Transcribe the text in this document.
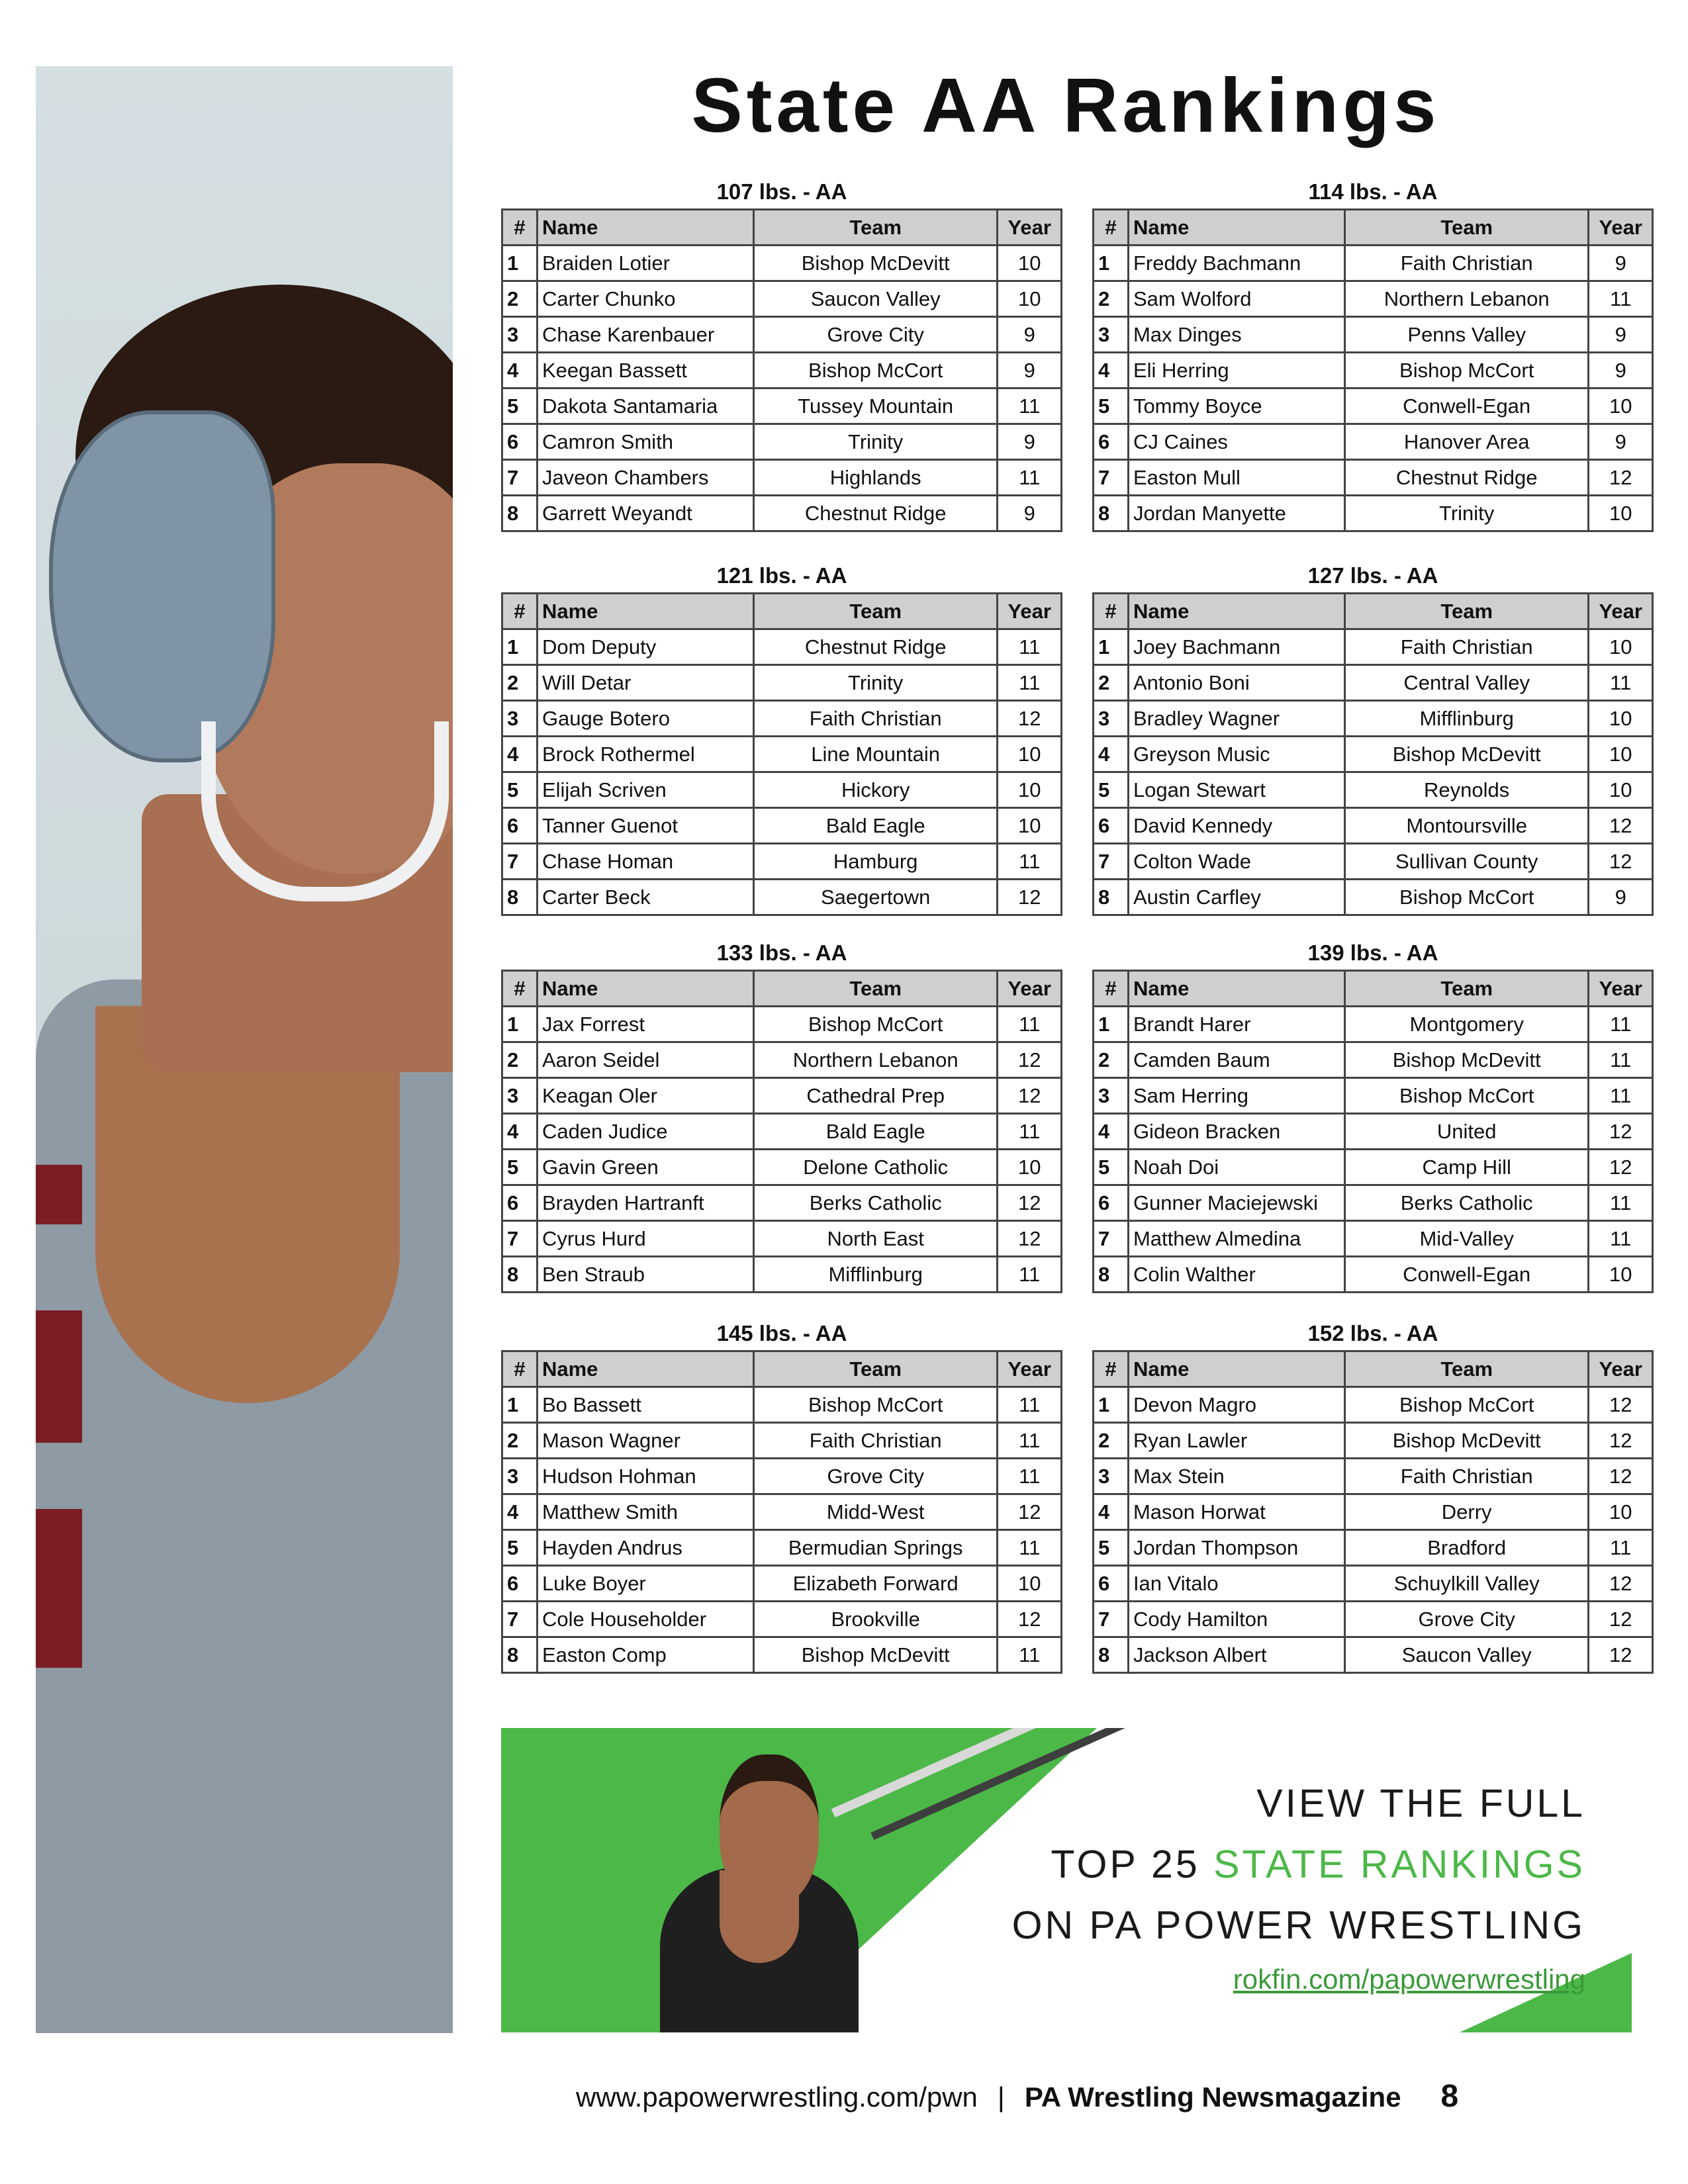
State AA Rankings
107 lbs. - AA
#	Name	Team	Year
1	Braiden Lotier	Bishop McDevitt	10
2	Carter Chunko	Saucon Valley	10
3	Chase Karenbauer	Grove City	9
4	Keegan Bassett	Bishop McCort	9
5	Dakota Santamaria	Tussey Mountain	11
6	Camron Smith	Trinity	9
7	Javeon Chambers	Highlands	11
8	Garrett Weyandt	Chestnut Ridge	9
114 lbs. - AA
#	Name	Team	Year
1	Freddy Bachmann	Faith Christian	9
2	Sam Wolford	Northern Lebanon	11
3	Max Dinges	Penns Valley	9
4	Eli Herring	Bishop McCort	9
5	Tommy Boyce	Conwell-Egan	10
6	CJ Caines	Hanover Area	9
7	Easton Mull	Chestnut Ridge	12
8	Jordan Manyette	Trinity	10
121 lbs. - AA
#	Name	Team	Year
1	Dom Deputy	Chestnut Ridge	11
2	Will Detar	Trinity	11
3	Gauge Botero	Faith Christian	12
4	Brock Rothermel	Line Mountain	10
5	Elijah Scriven	Hickory	10
6	Tanner Guenot	Bald Eagle	10
7	Chase Homan	Hamburg	11
8	Carter Beck	Saegertown	12
127 lbs. - AA
#	Name	Team	Year
1	Joey Bachmann	Faith Christian	10
2	Antonio Boni	Central Valley	11
3	Bradley Wagner	Mifflinburg	10
4	Greyson Music	Bishop McDevitt	10
5	Logan Stewart	Reynolds	10
6	David Kennedy	Montoursville	12
7	Colton Wade	Sullivan County	12
8	Austin Carfley	Bishop McCort	9
133 lbs. - AA
#	Name	Team	Year
1	Jax Forrest	Bishop McCort	11
2	Aaron Seidel	Northern Lebanon	12
3	Keagan Oler	Cathedral Prep	12
4	Caden Judice	Bald Eagle	11
5	Gavin Green	Delone Catholic	10
6	Brayden Hartranft	Berks Catholic	12
7	Cyrus Hurd	North East	12
8	Ben Straub	Mifflinburg	11
139 lbs. - AA
#	Name	Team	Year
1	Brandt Harer	Montgomery	11
2	Camden Baum	Bishop McDevitt	11
3	Sam Herring	Bishop McCort	11
4	Gideon Bracken	United	12
5	Noah Doi	Camp Hill	12
6	Gunner Maciejewski	Berks Catholic	11
7	Matthew Almedina	Mid-Valley	11
8	Colin Walther	Conwell-Egan	10
145 lbs. - AA
#	Name	Team	Year
1	Bo Bassett	Bishop McCort	11
2	Mason Wagner	Faith Christian	11
3	Hudson Hohman	Grove City	11
4	Matthew Smith	Midd-West	12
5	Hayden Andrus	Bermudian Springs	11
6	Luke Boyer	Elizabeth Forward	10
7	Cole Householder	Brookville	12
8	Easton Comp	Bishop McDevitt	11
152 lbs. - AA
#	Name	Team	Year
1	Devon Magro	Bishop McCort	12
2	Ryan Lawler	Bishop McDevitt	12
3	Max Stein	Faith Christian	12
4	Mason Horwat	Derry	10
5	Jordan Thompson	Bradford	11
6	Ian Vitalo	Schuylkill Valley	12
7	Cody Hamilton	Grove City	12
8	Jackson Albert	Saucon Valley	12
VIEW THE FULL
TOP 25 STATE RANKINGS
ON PA POWER WRESTLING
rokfin.com/papowerwrestling
www.papowerwrestling.com/pwn | PA Wrestling Newsmagazine 8
